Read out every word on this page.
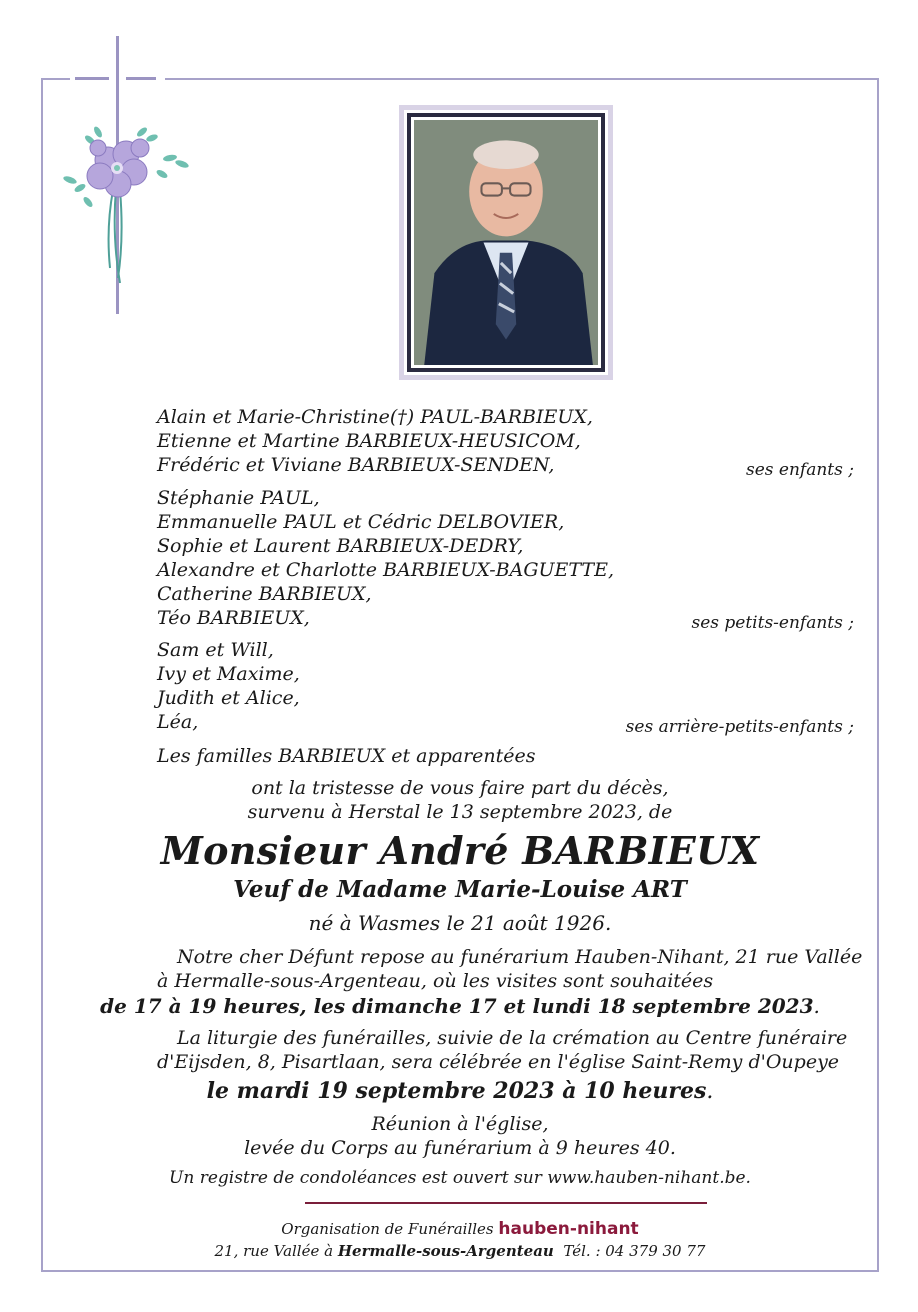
Alain et Marie-Christine(†) PAUL-BARBIEUX,
Etienne et Martine BARBIEUX-HEUSICOM,
Frédéric et Viviane BARBIEUX-SENDEN,	ses enfants ;
Stéphanie PAUL,
Emmanuelle PAUL et Cédric DELBOVIER,
Sophie et Laurent BARBIEUX-DEDRY,
Alexandre et Charlotte BARBIEUX-BAGUETTE,
Catherine BARBIEUX,
Téo BARBIEUX,	ses petits-enfants ;
Sam et Will,
Ivy et Maxime,
Judith et Alice,
Léa,	ses arrière-petits-enfants ;
Les familles BARBIEUX et apparentées
ont la tristesse de vous faire part du décès,
survenu à Herstal le 13 septembre 2023, de
Monsieur André BARBIEUX
Veuf de Madame Marie-Louise ART
né à Wasmes le 21 août 1926.
Notre cher Défunt repose au funérarium Hauben-Nihant, 21 rue Vallée
à Hermalle-sous-Argenteau, où les visites sont souhaitées
de 17 à 19 heures, les dimanche 17 et lundi 18 septembre 2023.
La liturgie des funérailles, suivie de la crémation au Centre funéraire
d'Eijsden, 8, Pisartlaan, sera célébrée en l'église Saint-Remy d'Oupeye
le mardi 19 septembre 2023 à 10 heures.
Réunion à l'église,
levée du Corps au funérarium à 9 heures 40.
Un registre de condoléances est ouvert sur www.hauben-nihant.be.
Organisation de Funérailles hauben-nihant
21, rue Vallée à Hermalle-sous-Argenteau Tél. : 04 379 30 77
